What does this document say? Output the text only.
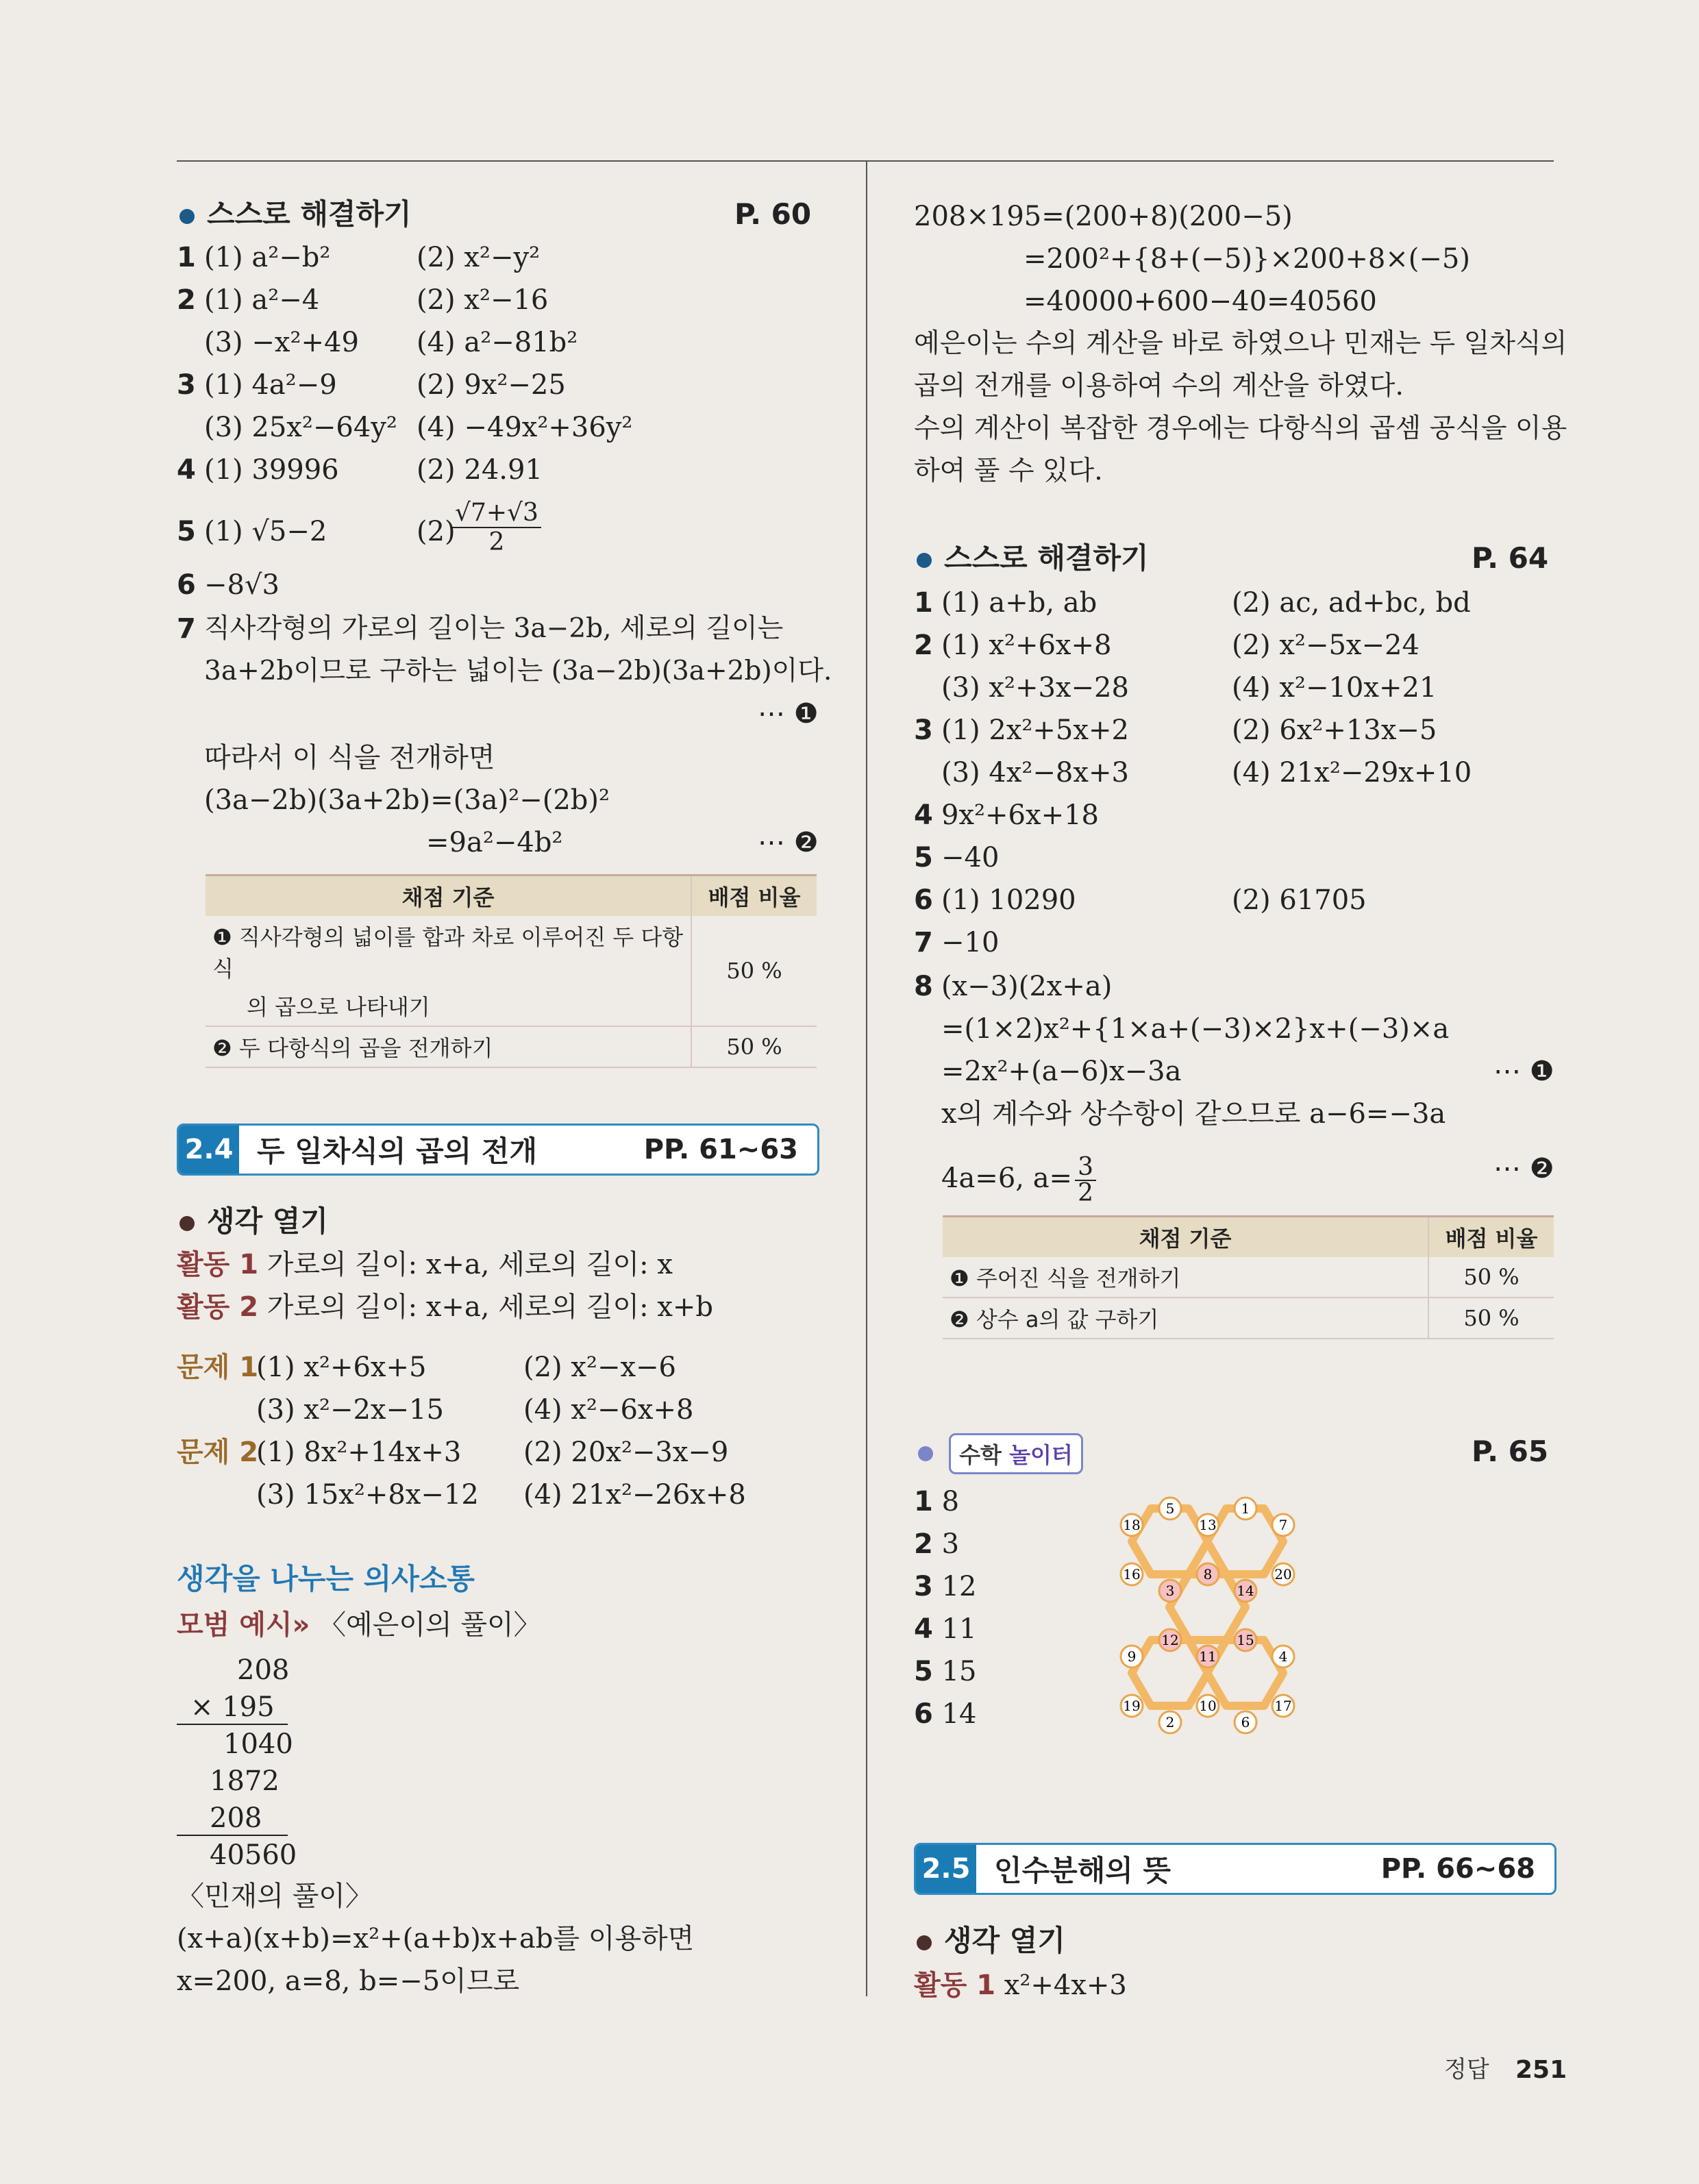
스스로 해결하기	P. 60
1 (1) a²−b²	(2) x²−y²
2 (1) a²−4	(2) x²−16
(3) −x²+49 (4) a²−81b²
3 (1) 4a²−9	(2) 9x²−25
(3) 25x²−64y² (4) −49x²+36y²
4 (1) 39996	(2) 24.91
5 (1) √5−2	(2)
$\frac{√7+√3}{2}$
6 −8√3
7 직사각형의 가로의 길이는 3a−2b, 세로의 길이는
3a+2b이므로 구하는 넓이는 (3a−2b)(3a+2b)이다.
⋯ ❶
따라서 이 식을 전개하면
(3a−2b)(3a+2b)=(3a)²−(2b)²
=9a²−4b²	⋯ ❷
채점 기준	배점 비율

❶ 직사각형의 넓이를 합과 차로 이루어진 두 다항식
의 곱으로 나타내기	50 %
❷ 두 다항식의 곱을 전개하기	50 %
2.4 두 일차식의 곱의 전개	PP. 61~63
생각 열기
활동 1 가로의 길이: x+a, 세로의 길이: x
활동 2 가로의 길이: x+a, 세로의 길이: x+b
문제 1
(1) x²+6x+5	(2) x²−x−6
(3) x²−2x−15	(4) x²−6x+8
문제 2
(1) 8x²+14x+3 (2) 20x²−3x−9
(3) 15x²+8x−12 (4) 21x²−26x+8
생각을 나누는 의사소통
모범 예시» 〈예은이의 풀이〉
208
× 195
1040
1872
208
40560
〈민재의 풀이〉
(x+a)(x+b)=x²+(a+b)x+ab를 이용하면
x=200, a=8, b=−5이므로
208×195=(200+8)(200−5)
=200²+{8+(−5)}×200+8×(−5)
=40000+600−40=40560
예은이는 수의 계산을 바로 하였으나 민재는 두 일차식의
곱의 전개를 이용하여 수의 계산을 하였다.
수의 계산이 복잡한 경우에는 다항식의 곱셈 공식을 이용
하여 풀 수 있다.
스스로 해결하기	P. 64
1 (1) a+b, ab	(2) ac, ad+bc, bd
2 (1) x²+6x+8	(2) x²−5x−24
(3) x²+3x−28	(4) x²−10x+21
3 (1) 2x²+5x+2	(2) 6x²+13x−5
(3) 4x²−8x+3	(4) 21x²−29x+10
4 9x²+6x+18
5 −40
6 (1) 10290	(2) 61705
7 −10
8 (x−3)(2x+a)
=(1×2)x²+{1×a+(−3)×2}x+(−3)×a
=2x²+(a−6)x−3a	⋯ ❶
x의 계수와 상수항이 같으므로 a−6=−3a
4a=6, $a= \frac{3}{2}$	⋯ ❷
채점 기준	배점 비율
❶ 주어진 식을 전개하기	50 %
❷ 상수 a의 값 구하기	50 %
수학 놀이터	P. 65
1 8
2 3
3 12
4 11
5 15
6 14
5	1
18	13	7
16	8	20
3	14
12	15
9	11	4
19	10	17
2	6
2.5 인수분해의 뜻	PP. 66~68
생각 열기
활동 1 x²+4x+3
정답 251
